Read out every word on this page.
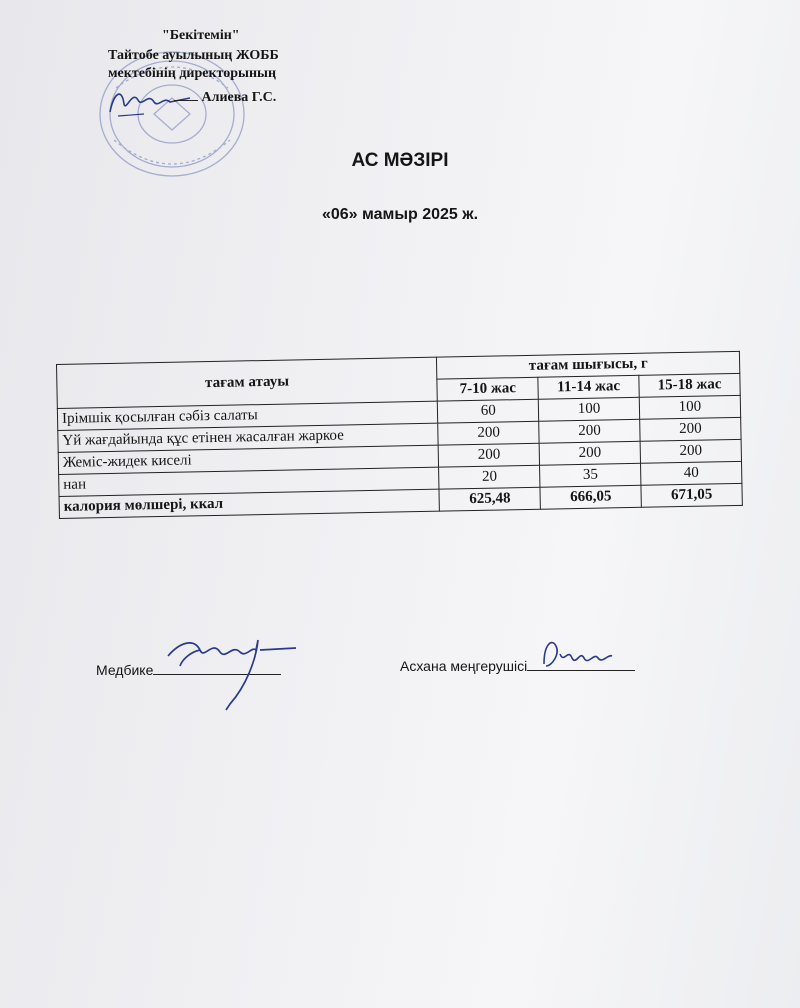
"Бекітемін"
Тайтобе ауылының ЖОББ
мектебінің директорының
Алиева Г.С.
АС МӘЗІРІ
«06» мамыр 2025 ж.
тағам атауы	тағам шығысы, г		
	7-10 жас	11-14 жас	15-18 жас
Ірімшік қосылған сәбіз салаты	60	100	100
Үй жағдайында құс етінен жасалған жаркое	200	200	200
Жеміс-жидек киселі	200	200	200
нан	20	35	40
калория мөлшері, ккал	625,48	666,05	671,05
Медбике	Асхана меңгерушісі
